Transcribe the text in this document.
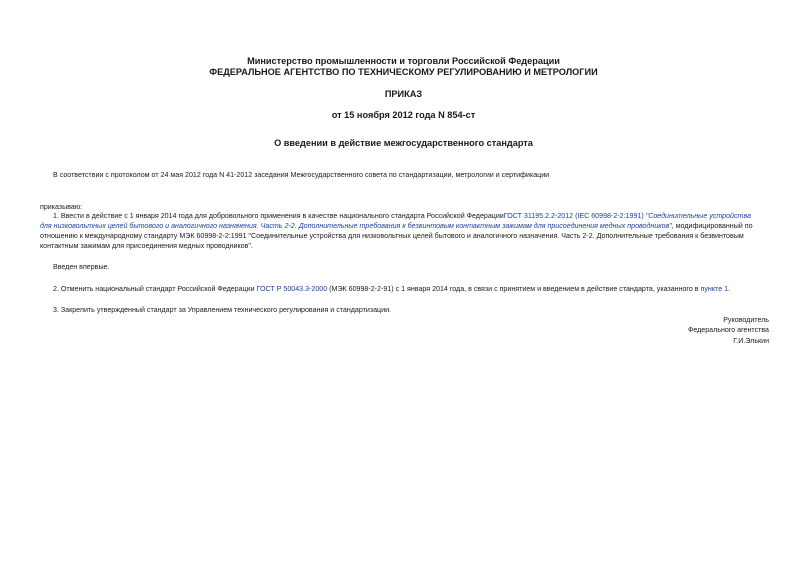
Министерство промышленности и торговли Российской Федерации
ФЕДЕРАЛЬНОЕ АГЕНТСТВО ПО ТЕХНИЧЕСКОМУ РЕГУЛИРОВАНИЮ И МЕТРОЛОГИИ
ПРИКАЗ
от 15 ноября 2012 года N 854-ст
О введении в действие межгосударственного стандарта
В соответствии с протоколом от 24 мая 2012 года N 41-2012 заседания Межгосударственного совета по стандартизации, метрологии и сертификации
приказываю:
1. Ввести в действие с 1 января 2014 года для добровольного применения в качестве национального стандарта Российской ФедерацииГОСТ 31195.2.2-2012 (IEC 60998-2-2:1991) "Соединительные устройства
для низковольтных целей бытового и аналогичного назначения. Часть 2-2. Дополнительные требования к безвинтовым контактным зажимам для присоединения медных проводников", модифицированный по
отношению к международному стандарту МЭК 60998-2-2:1991 "Соединительные устройства для низковольтных целей бытового и аналогичного назначения. Часть 2-2. Дополнительные требования к безвинтовым
контактным зажимам для присоединения медных проводников".
Введен впервые.
2. Отменить национальный стандарт Российской Федерации ГОСТ Р 50043.3-2000 (МЭК 60998-2-2-91) с 1 января 2014 года, в связи с принятием и введением в действие стандарта, указанного в пункте 1.
3. Закрепить утвержденный стандарт за Управлением технического регулирования и стандартизации.
Руководитель
Федерального агентства
Г.И.Элькин
